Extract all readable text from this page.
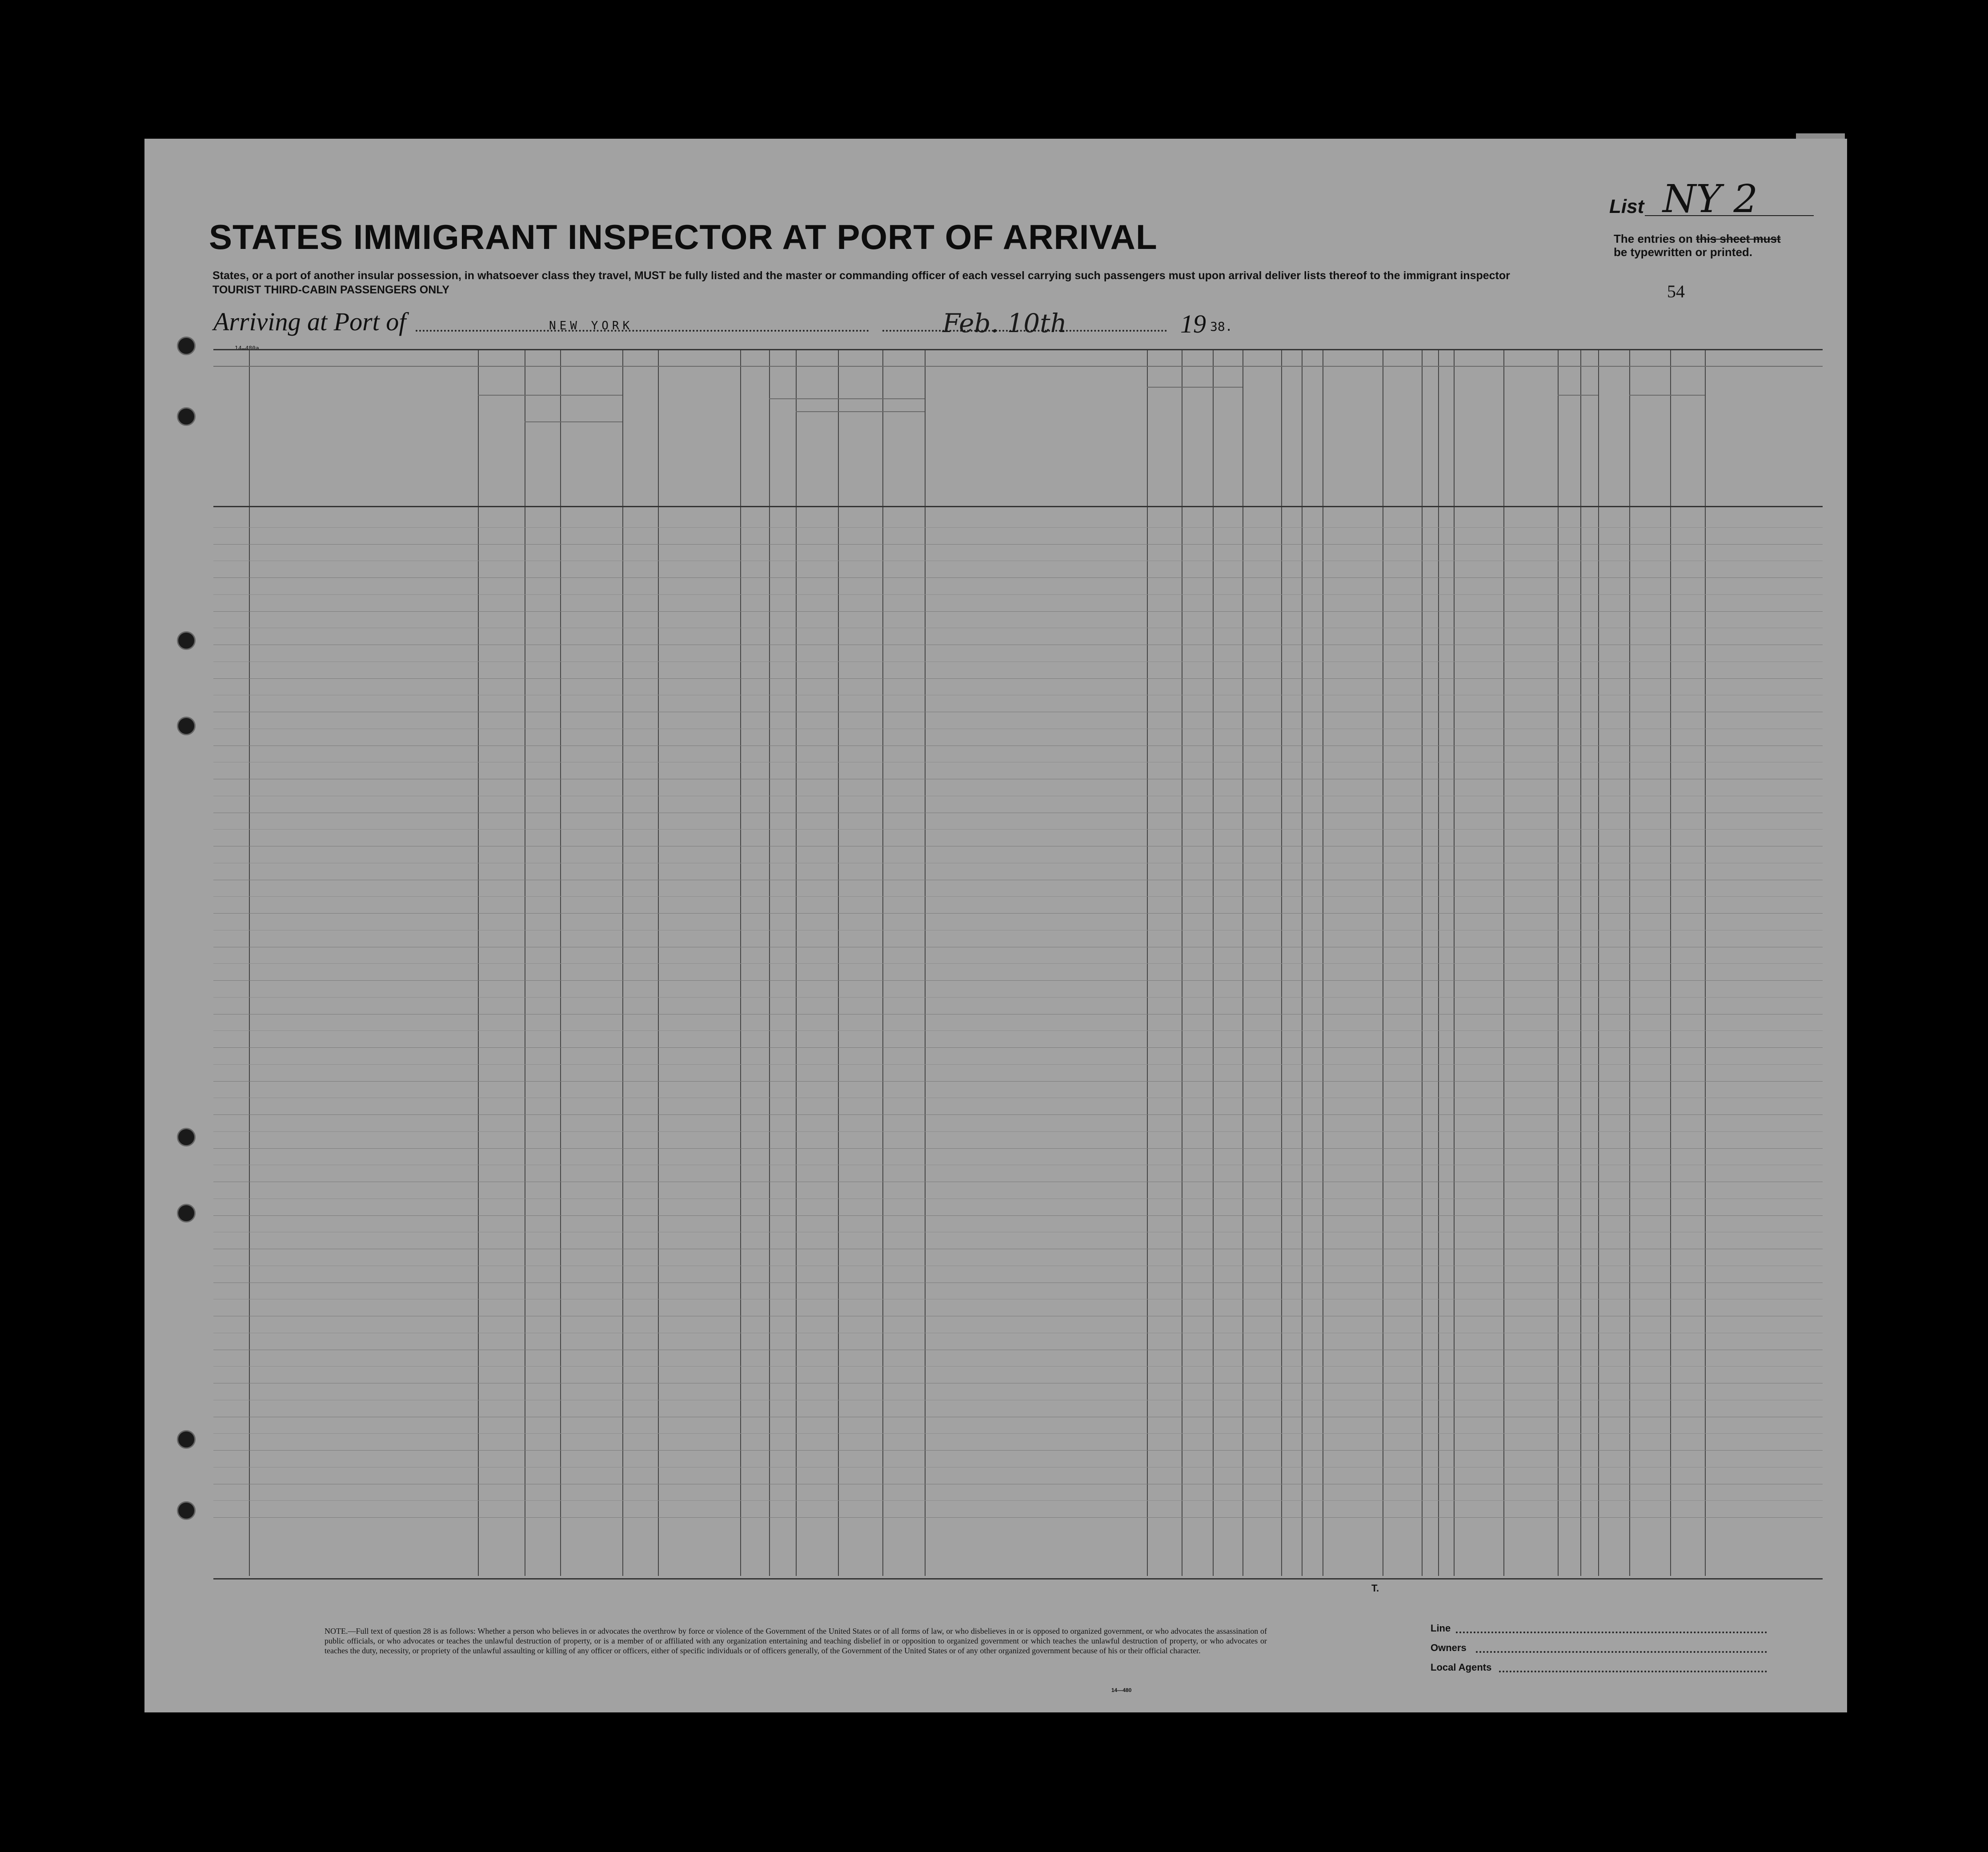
STATES IMMIGRANT INSPECTOR AT PORT OF ARRIVAL
States, or a port of another insular possession, in whatsoever class they travel, MUST be fully listed and the master or commanding officer of each vessel carrying such passengers must upon arrival deliver lists thereof to the immigrant inspector
TOURIST THIRD-CABIN PASSENGERS ONLY
Arriving at Port of	NEW YORK	Feb. 10th	19 38.
List NY 2
The entries on this sheet must
be typewritten or printed.
54
14—480a
NOTE.—Full text of question 28 is as follows: Whether a person who believes in or advocates the overthrow by force or violence of the Government of the United States or of all forms of law, or who disbelieves in or is opposed to organized government, or who advocates the assassination of public officials, or who advocates or teaches the unlawful destruction of property, or is a member of or affiliated with any organization entertaining and teaching disbelief in or opposition to organized government or which teaches the unlawful destruction of property, or who advocates or teaches the duty, necessity, or propriety of the unlawful assaulting or killing of any officer or officers, either of specific individuals or of officers generally, of the Government of the United States or of any other organized government because of his or their official character.
T.
Line
Owners
Local Agents
14—480
